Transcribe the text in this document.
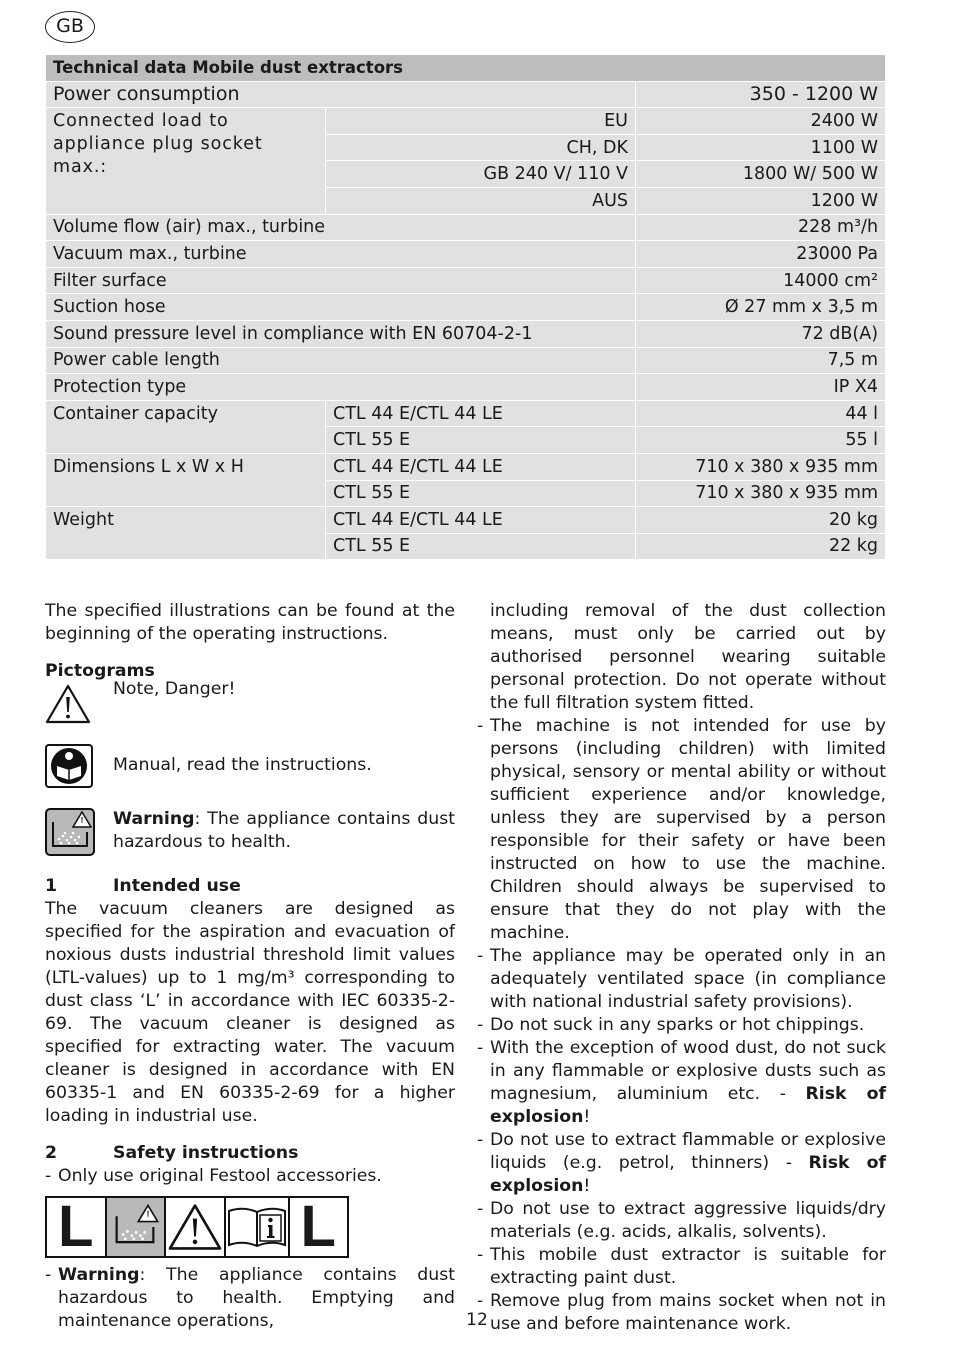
GB
Technical data Mobile dust extractors		
Power consumption		350 - 1200 W
Connected load to appliance plug socket max.:	EU	2400 W
	CH, DK	1100 W
	GB 240 V/ 110 V	1800 W/ 500 W
	AUS	1200 W
Volume flow (air) max., turbine		228 m³/h
Vacuum max., turbine		23000 Pa
Filter surface		14000 cm²
Suction hose		Ø 27 mm x 3,5 m
Sound pressure level in compliance with EN 60704-2-1		72 dB(A)
Power cable length		7,5 m
Protection type		IP X4
Container capacity	CTL 44 E/CTL 44 LE	44 l
	CTL 55 E	55 l
Dimensions L x W x H	CTL 44 E/CTL 44 LE	710 x 380 x 935 mm
	CTL 55 E	710 x 380 x 935 mm
Weight	CTL 44 E/CTL 44 LE	20 kg
	CTL 55 E	22 kg

The specified illustrations can be found at the beginning of the operating instructions.

Pictograms

Note, Danger!
Manual, read the instructions.
Warning: The appliance contains dust hazardous to health.

1	Intended use

The vacuum cleaners are designed as specified for the aspiration and evacuation of noxious dusts industrial threshold limit values (LTL-values) up to 1 mg/m³ corresponding to dust class ‘L’ in accordance with IEC 60335-2-69. The vacuum cleaner is designed as specified for extracting water. The vacuum cleaner is designed in accordance with EN 60335-1 and EN 60335-2-69 for a higher loading in industrial use.

2	Safety instructions

- Only use original Festool accessories.
L	L
- Warning: The appliance contains dust hazardous to health. Emptying and maintenance operations,

including removal of the dust collection means, must only be carried out by authorised personnel wearing suitable personal protection. Do not operate without the full filtration system fitted.

- The machine is not intended for use by persons (including children) with limited physical, sensory or mental ability or without sufficient experience and/or knowledge, unless they are supervised by a person responsible for their safety or have been instructed on how to use the machine. Children should always be supervised to ensure that they do not play with the machine.
- The appliance may be operated only in an adequately ventilated space (in compliance with national industrial safety provisions).
- Do not suck in any sparks or hot chippings.
- With the exception of wood dust, do not suck in any flammable or explosive dusts such as magnesium, aluminium etc. - Risk of explosion!
- Do not use to extract flammable or explosive liquids (e.g. petrol, thinners) - Risk of explosion!
- Do not use to extract aggressive liquids/dry materials (e.g. acids, alkalis, solvents).
- This mobile dust extractor is suitable for extracting paint dust.
- Remove plug from mains socket when not in use and before maintenance work.
12
